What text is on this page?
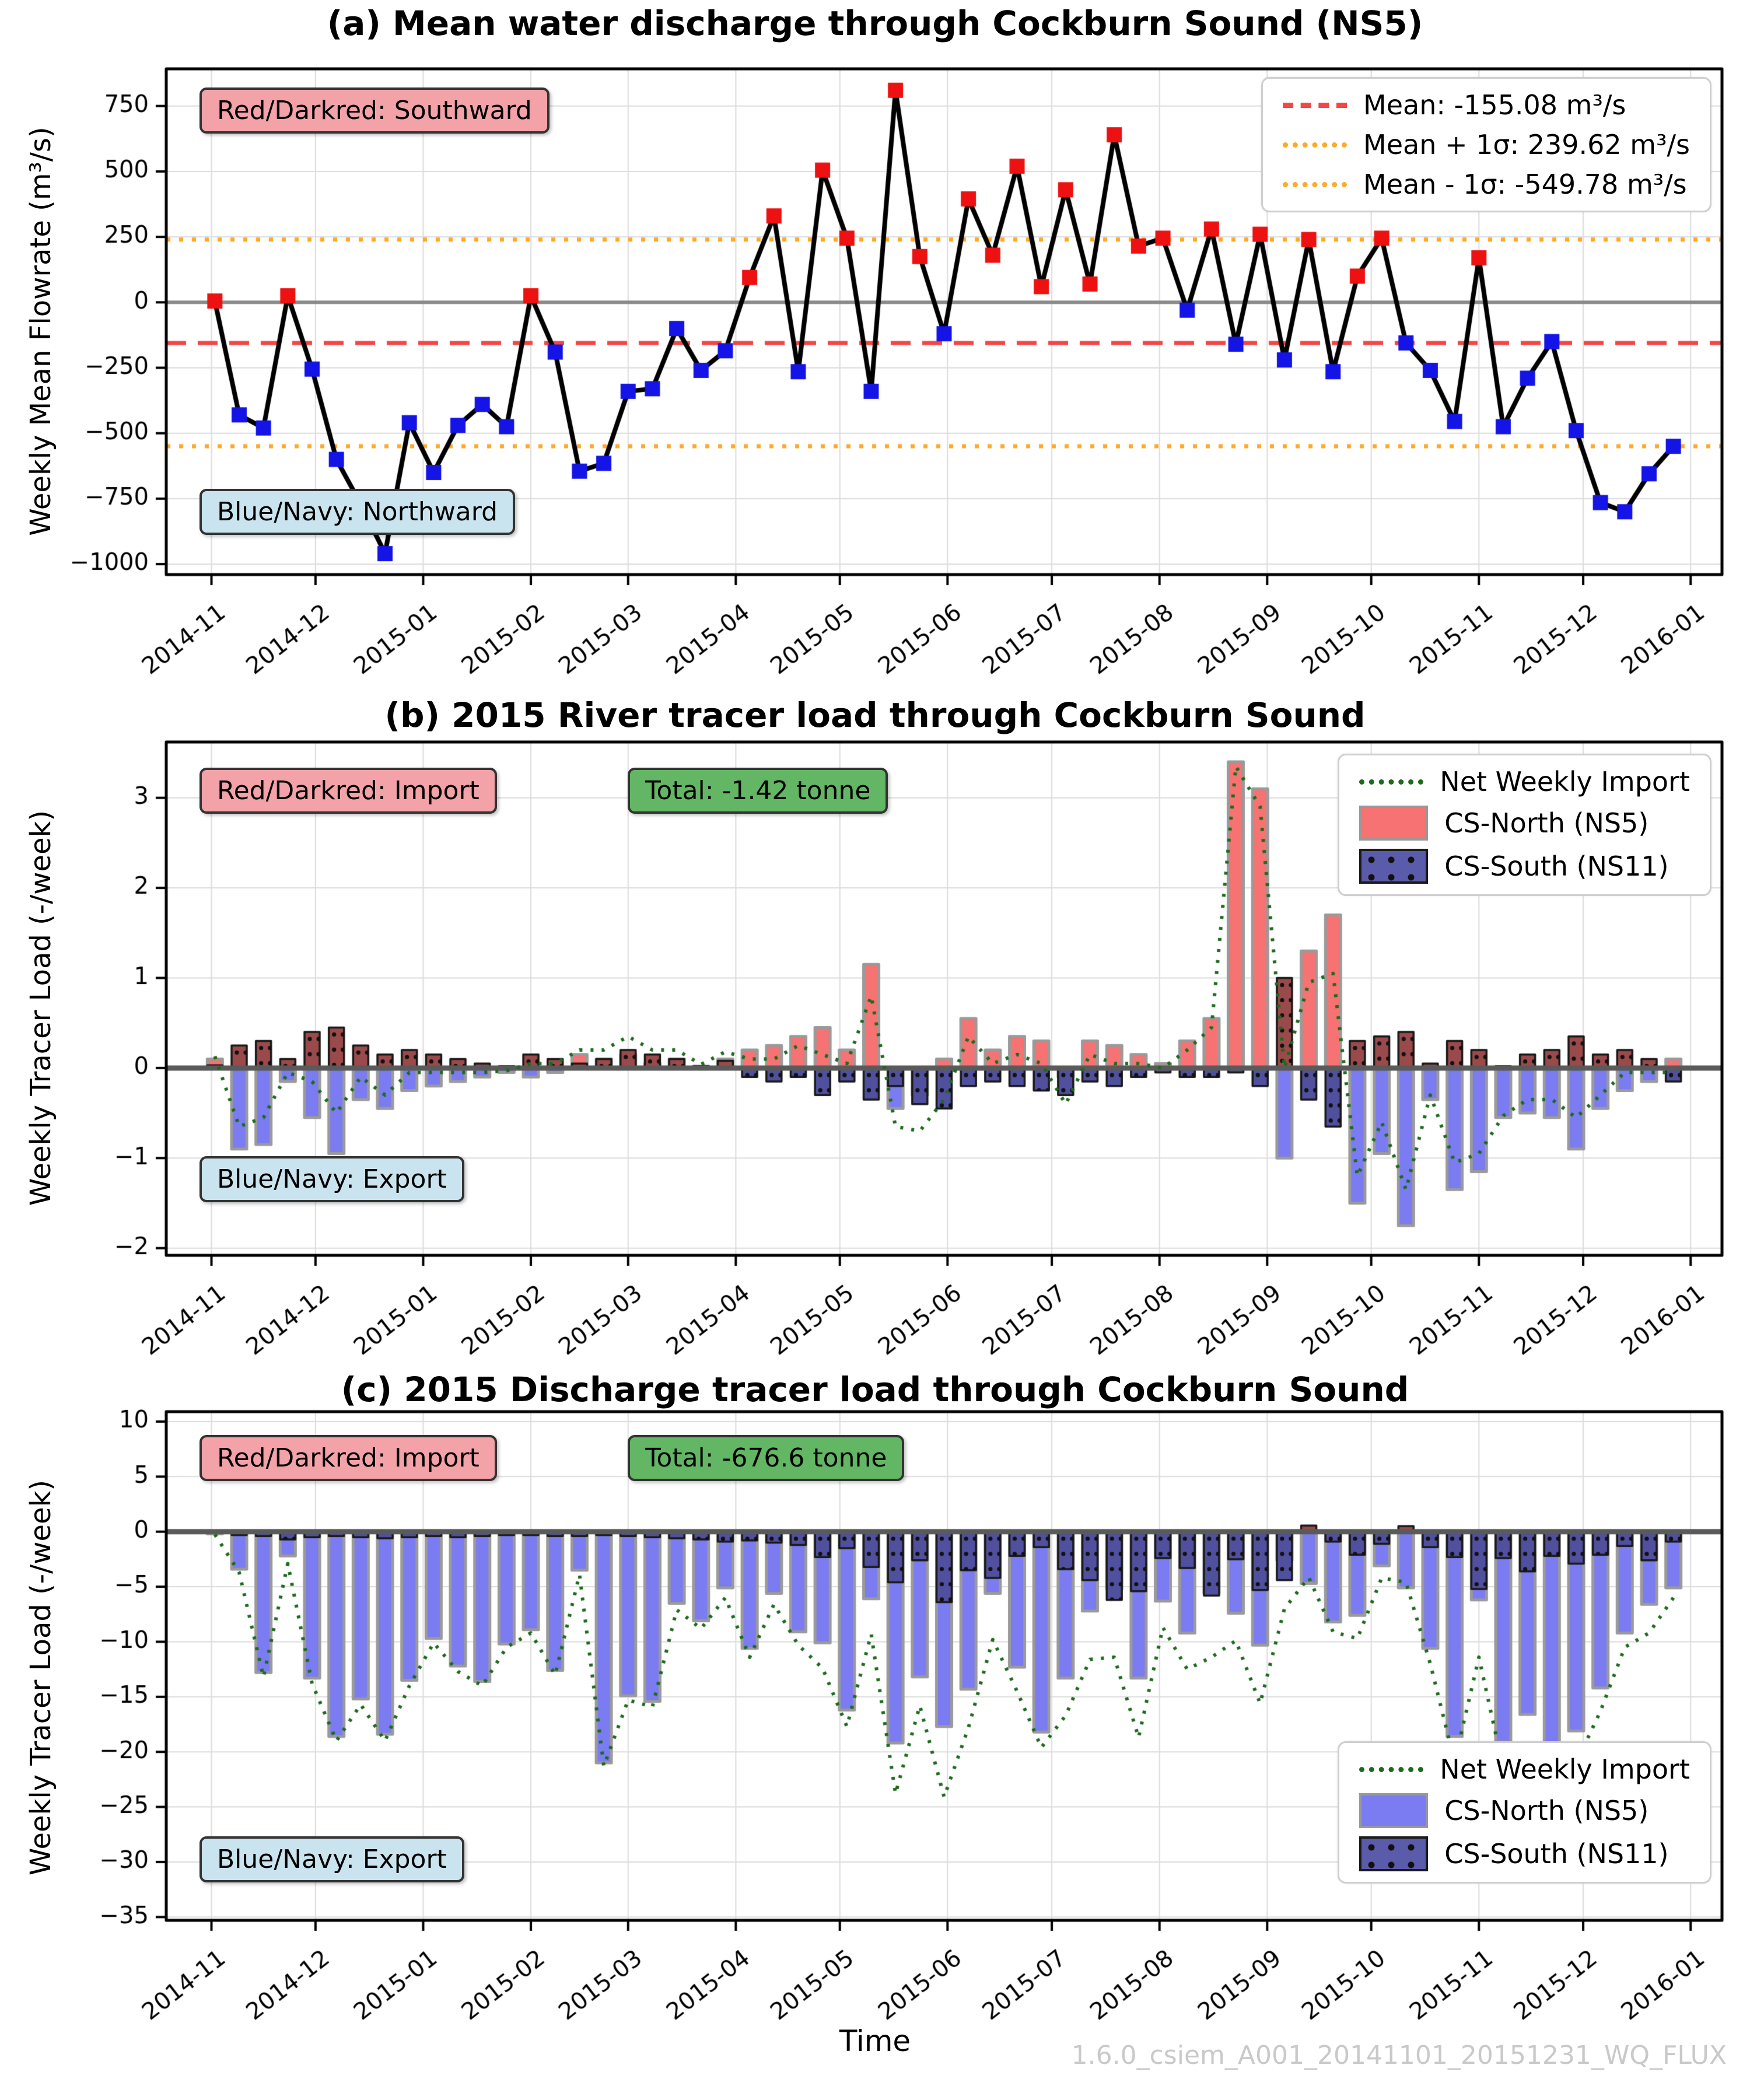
(a) Mean water discharge through Cockburn Sound (NS5)
Weekly Mean Flowrate (m³/s)
Red/Darkred: Southward
Blue/Navy: Northward
Mean: -155.08 m³/s
Mean + 1σ: 239.62 m³/s
Mean - 1σ: -549.78 m³/s
(b) 2015 River tracer load through Cockburn Sound
Weekly Tracer Load (-/week)
Red/Darkred: Import	Total: -1.42 tonne
Blue/Navy: Export
Net Weekly Import
CS-North (NS5)
CS-South (NS11)
(c) 2015 Discharge tracer load through Cockburn Sound
Weekly Tracer Load (-/week)
Red/Darkred: Import	Total: -676.6 tonne
Blue/Navy: Export
Net Weekly Import
CS-North (NS5)
CS-South (NS11)
Time	1.6.0_csiem_A001_20141101_20151231_WQ_FLUX
